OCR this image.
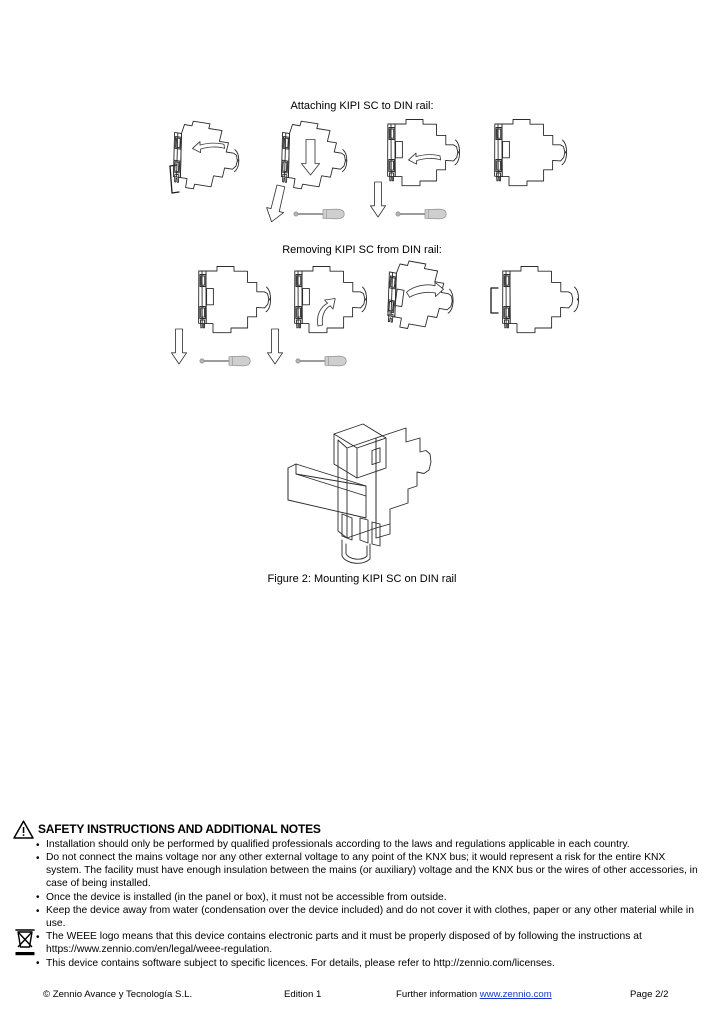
Attaching KIPI SC to DIN rail:
Removing KIPI SC from DIN rail:
Figure 2: Mounting KIPI SC on DIN rail
SAFETY INSTRUCTIONS AND ADDITIONAL NOTES
• Installation should only be performed by qualified professionals according to the laws and regulations applicable in each country.
• Do not connect the mains voltage nor any other external voltage to any point of the KNX bus; it would represent a risk for the entire KNX system. The facility must have enough insulation between the mains (or auxiliary) voltage and the KNX bus or the wires of other accessories, in case of being installed.
• Once the device is installed (in the panel or box), it must not be accessible from outside.
• Keep the device away from water (condensation over the device included) and do not cover it with clothes, paper or any other material while in use.
• The WEEE logo means that this device contains electronic parts and it must be properly disposed of by following the instructions at https://www.zennio.com/en/legal/weee-regulation.
• This device contains software subject to specific licences. For details, please refer to http://zennio.com/licenses.
© Zennio Avance y Tecnología S.L.	Edition 1	Further information www.zennio.com	Page 2/2
